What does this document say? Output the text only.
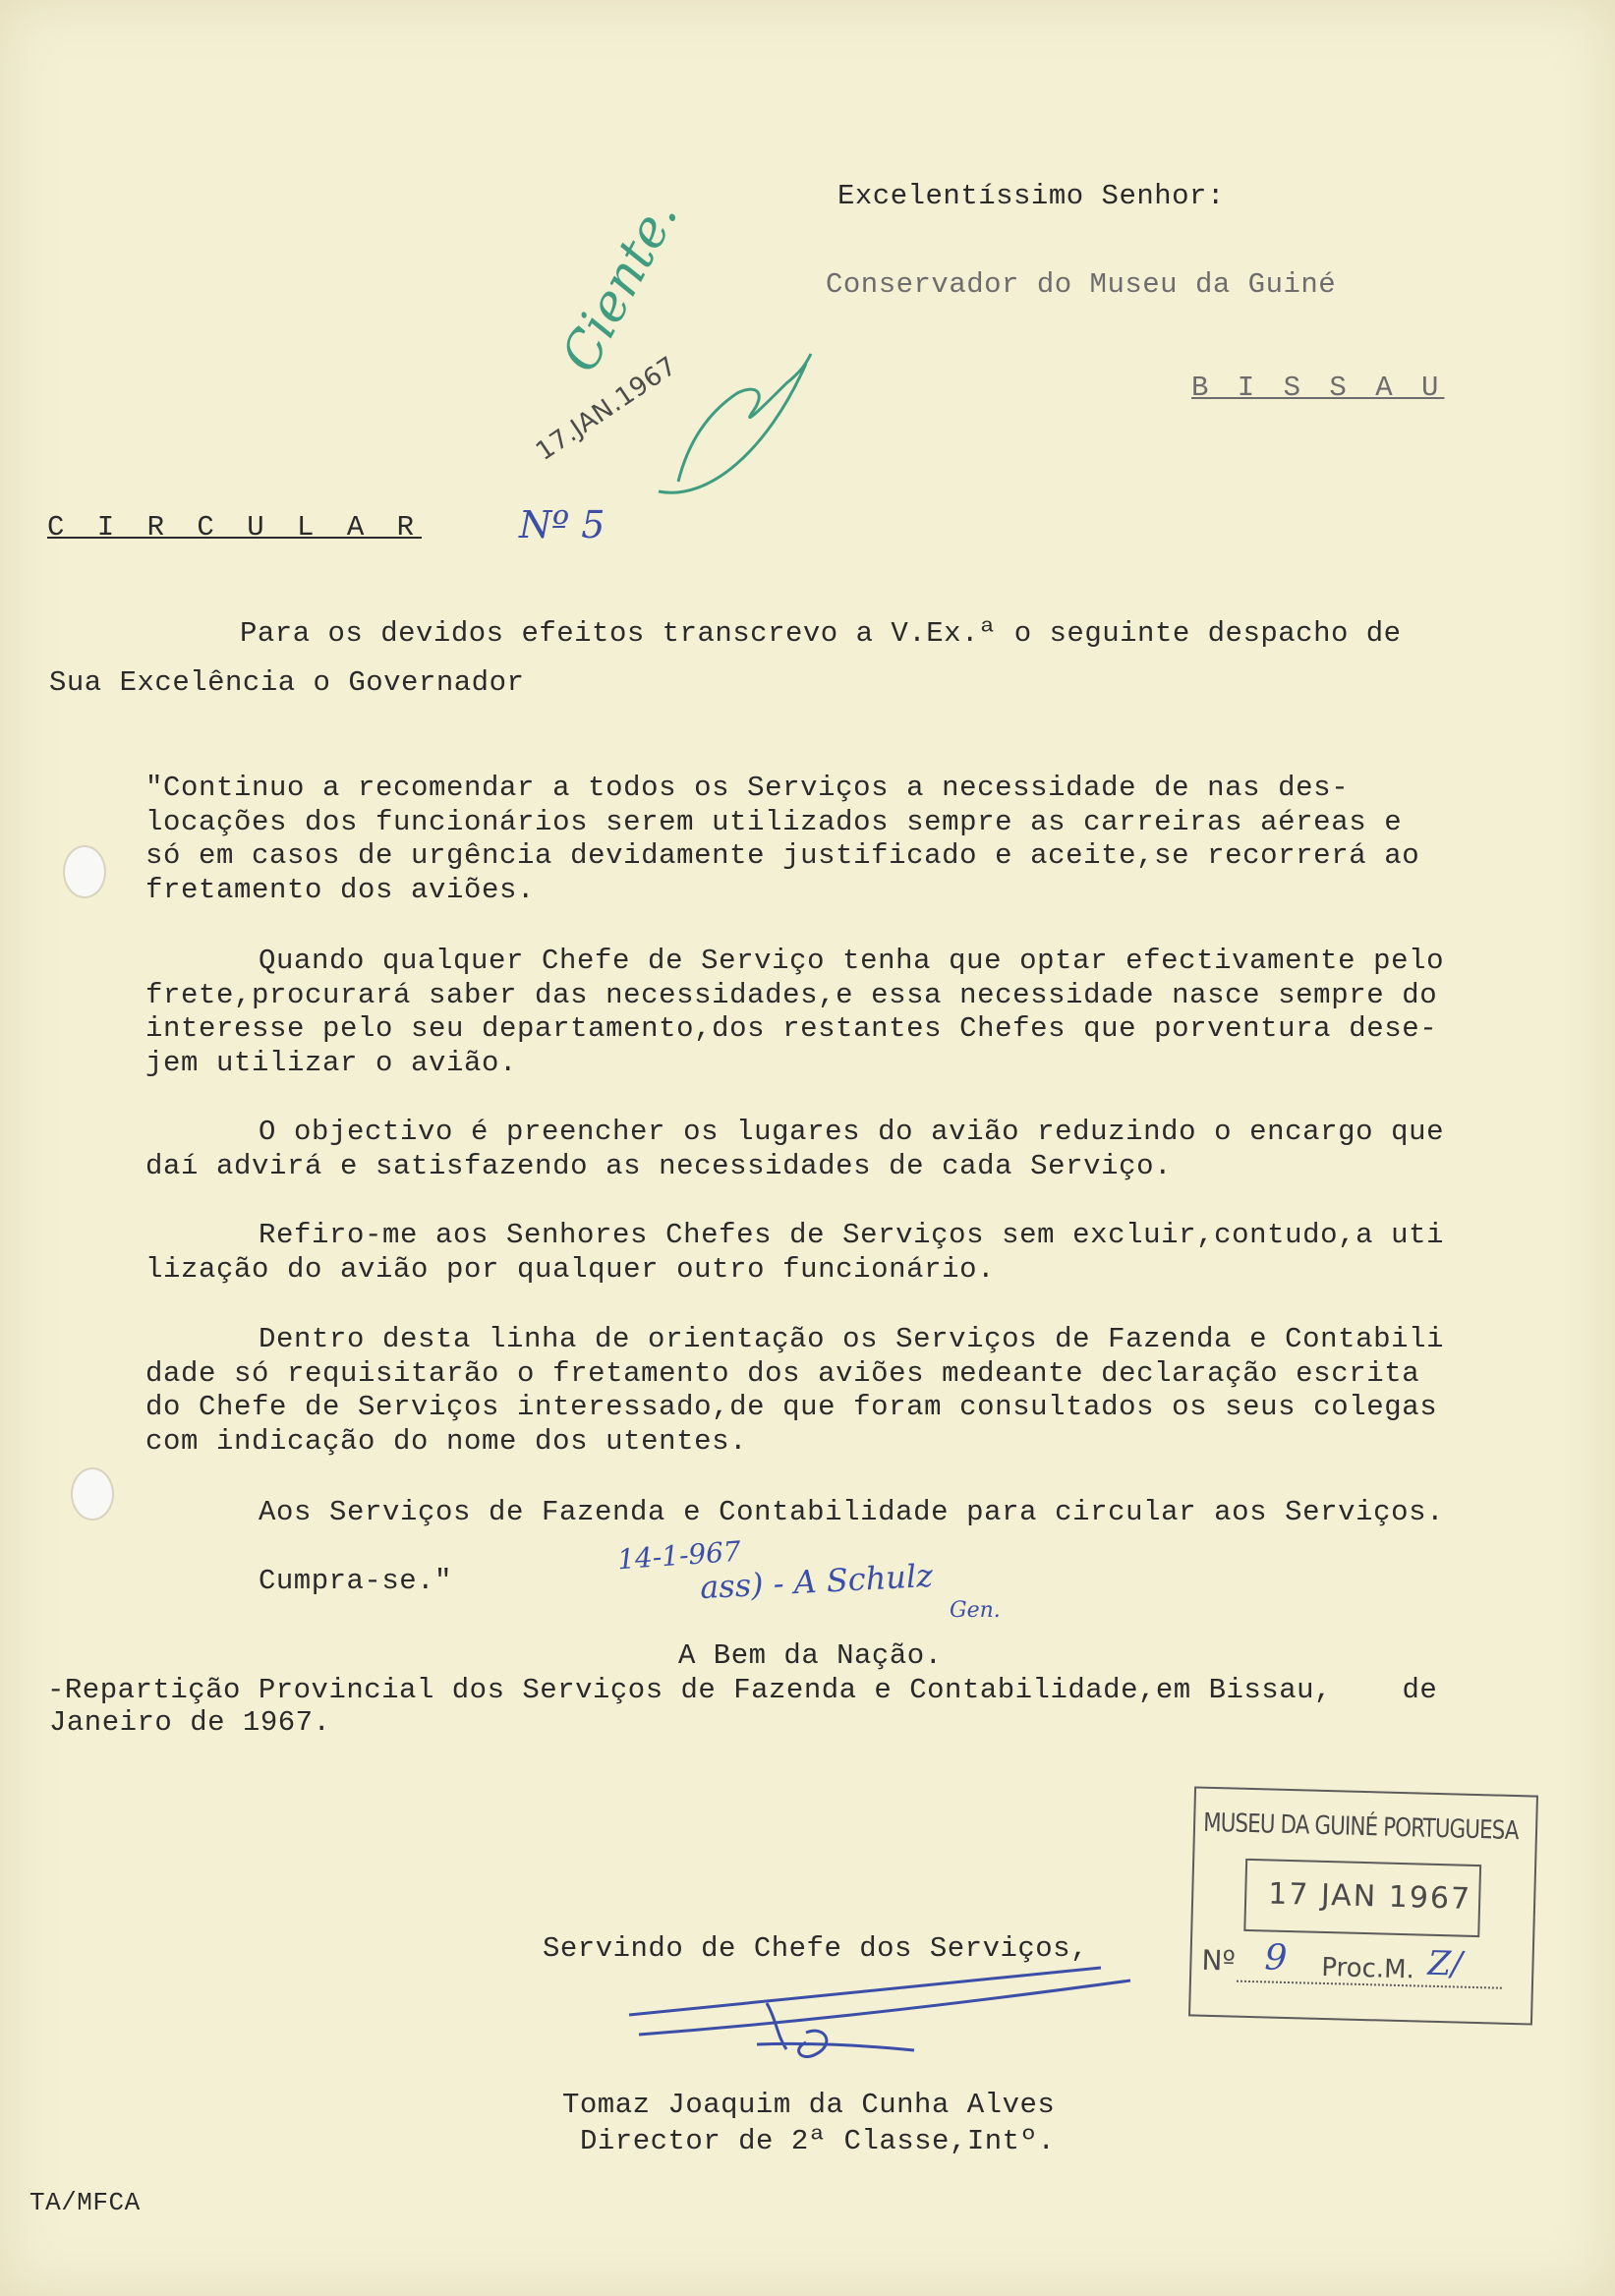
Excelentíssimo Senhor:
Conservador do Museu da Guiné
B I S S A U
Ciente.
17.JAN.1967
C I R C U L A R	Nº 5
Para os devidos efeitos transcrevo a V.Ex.ª o seguinte despacho de
Sua Excelência o Governador
"Continuo a recomendar a todos os Serviços a necessidade de nas des-
locações dos funcionários serem utilizados sempre as carreiras aéreas e
só em casos de urgência devidamente justificado e aceite,se recorrerá ao
fretamento dos aviões.
Quando qualquer Chefe de Serviço tenha que optar efectivamente pelo
frete,procurará saber das necessidades,e essa necessidade nasce sempre do
interesse pelo seu departamento,dos restantes Chefes que porventura dese-
jem utilizar o avião.
O objectivo é preencher os lugares do avião reduzindo o encargo que
daí advirá e satisfazendo as necessidades de cada Serviço.
Refiro-me aos Senhores Chefes de Serviços sem excluir,contudo,a uti
lização do avião por qualquer outro funcionário.
Dentro desta linha de orientação os Serviços de Fazenda e Contabili
dade só requisitarão o fretamento dos aviões medeante declaração escrita
do Chefe de Serviços interessado,de que foram consultados os seus colegas
com indicação do nome dos utentes.
Aos Serviços de Fazenda e Contabilidade para circular aos Serviços.
Cumpra-se."
14-1-967
ass) - A Schulz
Gen.
A Bem da Nação.
-Repartição Provincial dos Serviços de Fazenda e Contabilidade,em Bissau,    de
Janeiro de 1967.
MUSEU DA GUINÉ PORTUGUESA
17 JAN 1967
Nº 9 Proc.M. Z/
Servindo de Chefe dos Serviços,
Tomaz Joaquim da Cunha Alves
Director de 2ª Classe,Intº.
TA/MFCA
